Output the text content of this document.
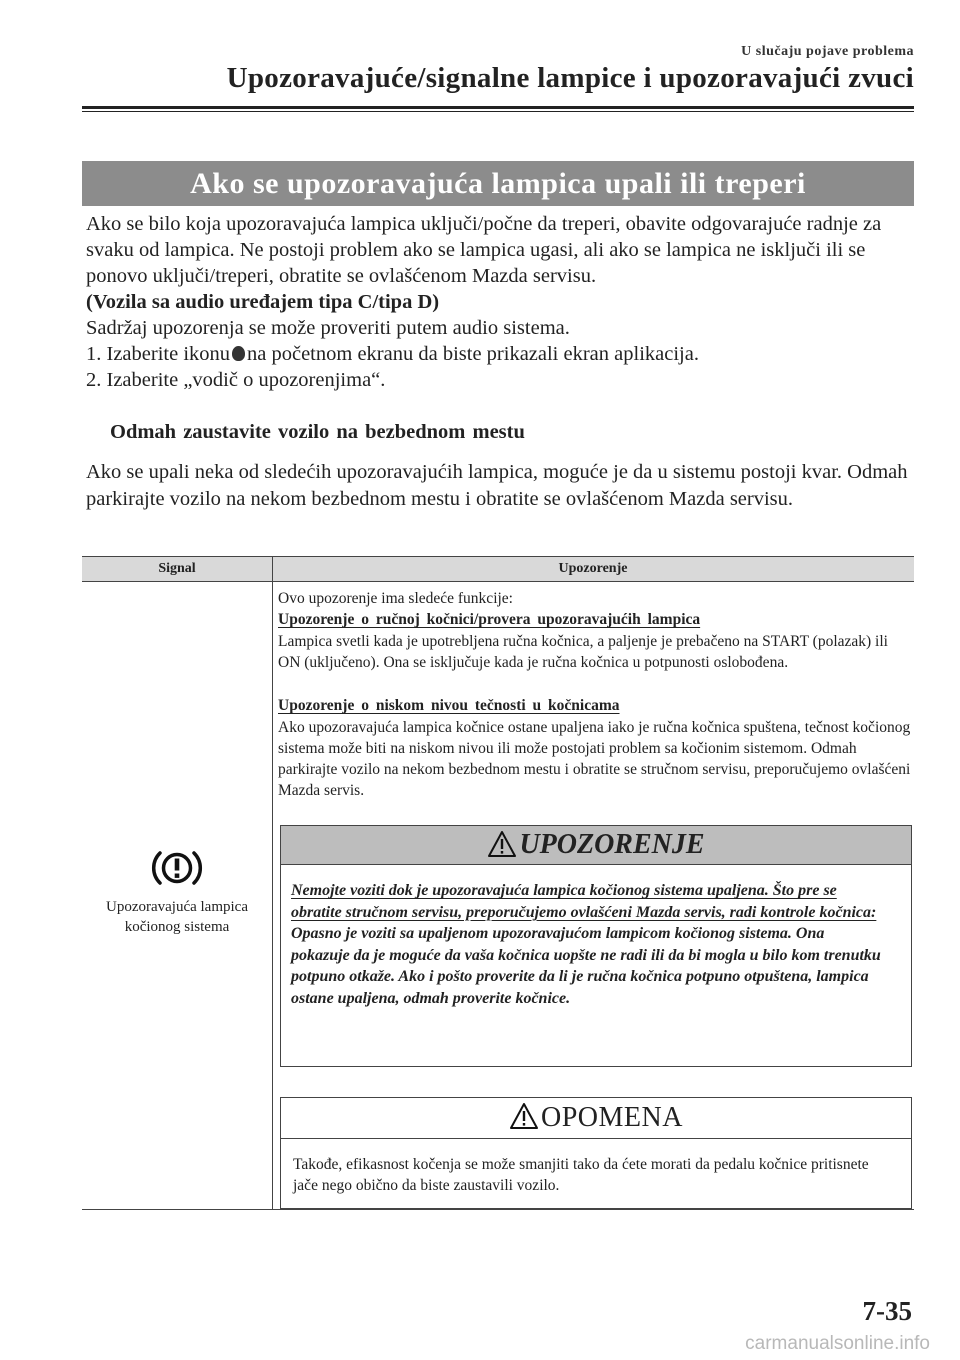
U slučaju pojave problema
Upozoravajuće/signalne lampice i upozoravajući zvuci
Ako se upozoravajuća lampica upali ili treperi

Ako se bilo koja upozoravajuća lampica uključi/počne da treperi, obavite odgovarajuće radnje za svaku od lampica. Ne postoji problem ako se lampica ugasi, ali ako se lampica ne isključi ili se ponovo uključi/treperi, obratite se ovlašćenom Mazda servisu.

(Vozila sa audio uređajem tipa C/tipa D)

Sadržaj upozorenja se može proveriti putem audio sistema.

1. Izaberite ikonu na početnom ekranu da biste prikazali ekran aplikacija.

2. Izaberite „vodič o upozorenjima“.

Odmah zaustavite vozilo na bezbednom mestu

Ako se upali neka od sledećih upozoravajućih lampica, moguće je da u sistemu postoji kvar. Odmah parkirajte vozilo na nekom bezbednom mestu i obratite se ovlašćenom Mazda servisu.

Signal	Upozorenje
Upozoravajuća lampica kočionog sistema

Ovo upozorenje ima sledeće funkcije:

Upozorenje o ručnoj kočnici/provera upozoravajućih lampica

Lampica svetli kada je upotrebljena ručna kočnica, a paljenje je prebačeno na START (polazak) ili ON (uključeno). Ona se isključuje kada je ručna kočnica u potpunosti oslobođena.

Upozorenje o niskom nivou tečnosti u kočnicama

Ako upozoravajuća lampica kočnice ostane upaljena iako je ručna kočnica spuštena, tečnost kočionog sistema može biti na niskom nivou ili može postojati problem sa kočionim sistemom. Odmah parkirajte vozilo na nekom bezbednom mestu i obratite se stručnom servisu, preporučujemo ovlašćeni Mazda servis.

UPOZORENJE

Nemojte voziti dok je upozoravajuća lampica kočionog sistema upaljena. Što pre se obratite stručnom servisu, preporučujemo ovlašćeni Mazda servis, radi kontrole kočnica:
Opasno je voziti sa upaljenom upozoravajućom lampicom kočionog sistema. Ona pokazuje da je moguće da vaša kočnica uopšte ne radi ili da bi mogla u bilo kom trenutku potpuno otkaže. Ako i pošto proverite da li je ručna kočnica potpuno otpuštena, lampica ostane upaljena, odmah proverite kočnice.

OPOMENA

Takođe, efikasnost kočenja se može smanjiti tako da ćete morati da pedalu kočnice pritisnete jače nego obično da biste zaustavili vozilo.

7-35
carmanualsonline.info
